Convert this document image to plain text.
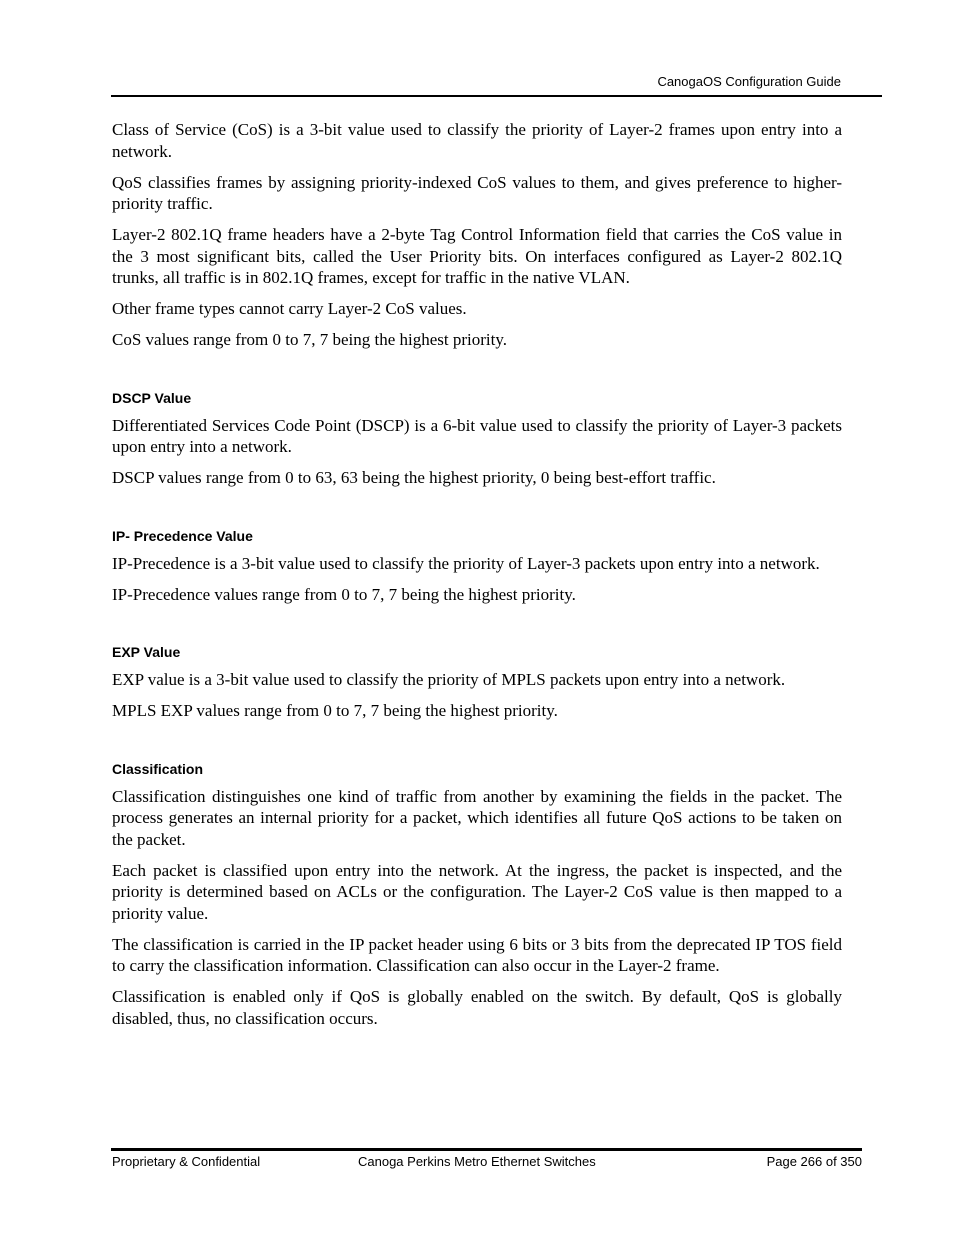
CanogaOS Configuration Guide

Class of Service (CoS) is a 3-bit value used to classify the priority of Layer-2 frames upon entry into a network.

QoS classifies frames by assigning priority-indexed CoS values to them, and gives preference to higher-priority traffic.

Layer-2 802.1Q frame headers have a 2-byte Tag Control Information field that carries the CoS value in the 3 most significant bits, called the User Priority bits. On interfaces configured as Layer-2 802.1Q trunks, all traffic is in 802.1Q frames, except for traffic in the native VLAN.

Other frame types cannot carry Layer-2 CoS values.

CoS values range from 0 to 7, 7 being the highest priority.

DSCP Value

Differentiated Services Code Point (DSCP) is a 6-bit value used to classify the priority of Layer-3 packets upon entry into a network.

DSCP values range from 0 to 63, 63 being the highest priority, 0 being best-effort traffic.

IP- Precedence Value

IP-Precedence is a 3-bit value used to classify the priority of Layer-3 packets upon entry into a network.

IP-Precedence values range from 0 to 7, 7 being the highest priority.

EXP Value

EXP value is a 3-bit value used to classify the priority of MPLS packets upon entry into a network.

MPLS EXP values range from 0 to 7, 7 being the highest priority.

Classification

Classification distinguishes one kind of traffic from another by examining the fields in the packet. The process generates an internal priority for a packet, which identifies all future QoS actions to be taken on the packet.

Each packet is classified upon entry into the network. At the ingress, the packet is inspected, and the priority is determined based on ACLs or the configuration. The Layer-2 CoS value is then mapped to a priority value.

The classification is carried in the IP packet header using 6 bits or 3 bits from the deprecated IP TOS field to carry the classification information. Classification can also occur in the Layer-2 frame.

Classification is enabled only if QoS is globally enabled on the switch. By default, QoS is globally disabled, thus, no classification occurs.

Proprietary & Confidential	Canoga Perkins Metro Ethernet Switches	Page 266 of 350
